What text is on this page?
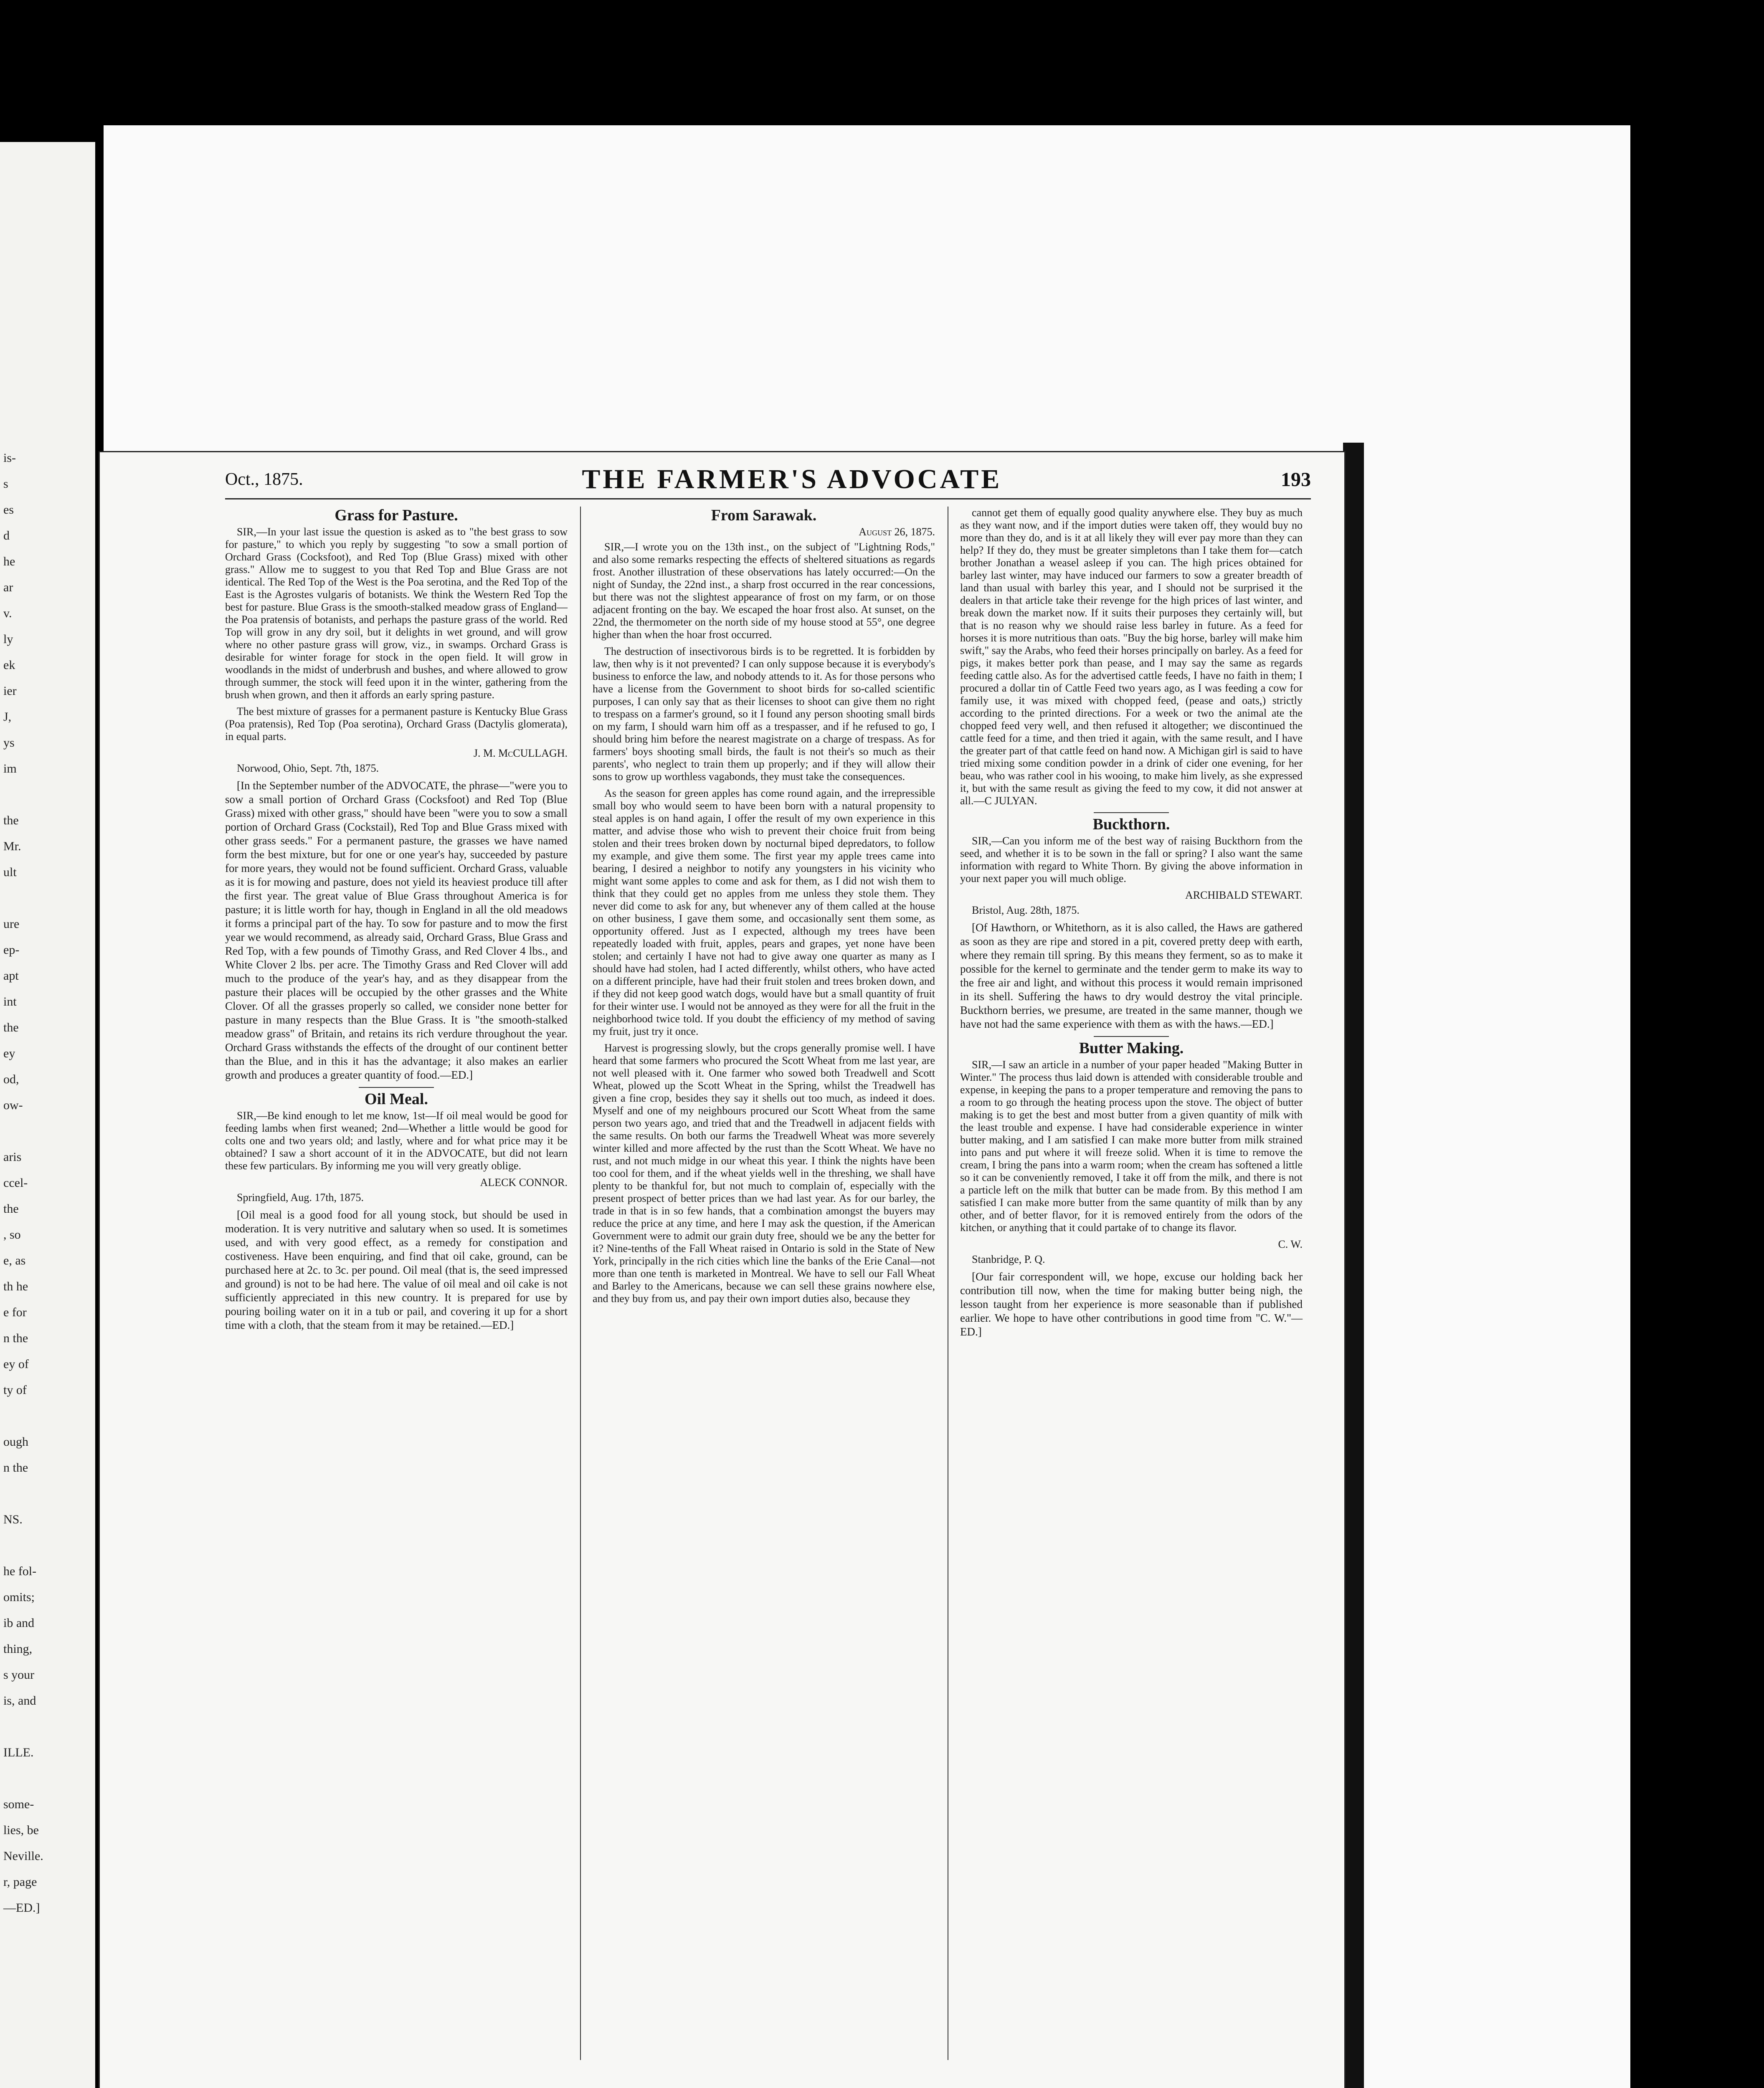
is-
s
es
d
he
ar
v.
ly
ek
ier
J,
ys
im
the
Mr.
ult
ure
ep-
apt
int
the
ey
od,
ow-
aris
ccel-
the
, so
e, as
th he
e for
n the
ey of
ty of
ough
n the
NS.
he fol-
omits;
ib and
thing,
s your
is, and
ILLE.
some-
lies, be
Neville.
r, page
—ED.]
Oct., 1875.	THE FARMER'S ADVOCATE	193
Grass for Pasture.

SIR,—In your last issue the question is asked as to "the best grass to sow for pasture," to which you reply by suggesting "to sow a small portion of Orchard Grass (Cocksfoot), and Red Top (Blue Grass) mixed with other grass." Allow me to suggest to you that Red Top and Blue Grass are not identical. The Red Top of the West is the Poa serotina, and the Red Top of the East is the Agrostes vulgaris of botanists. We think the Western Red Top the best for pasture. Blue Grass is the smooth-stalked meadow grass of England—the Poa pratensis of botanists, and perhaps the pasture grass of the world. Red Top will grow in any dry soil, but it delights in wet ground, and will grow where no other pasture grass will grow, viz., in swamps. Orchard Grass is desirable for winter forage for stock in the open field. It will grow in woodlands in the midst of underbrush and bushes, and where allowed to grow through summer, the stock will feed upon it in the winter, gathering from the brush when grown, and then it affords an early spring pasture.

The best mixture of grasses for a permanent pasture is Kentucky Blue Grass (Poa pratensis), Red Top (Poa serotina), Orchard Grass (Dactylis glomerata), in equal parts.

J. M. McCULLAGH.

Norwood, Ohio, Sept. 7th, 1875.

[In the September number of the ADVOCATE, the phrase—"were you to sow a small portion of Orchard Grass (Cocksfoot) and Red Top (Blue Grass) mixed with other grass," should have been "were you to sow a small portion of Orchard Grass (Cockstail), Red Top and Blue Grass mixed with other grass seeds." For a permanent pasture, the grasses we have named form the best mixture, but for one or one year's hay, succeeded by pasture for more years, they would not be found sufficient. Orchard Grass, valuable as it is for mowing and pasture, does not yield its heaviest produce till after the first year. The great value of Blue Grass throughout America is for pasture; it is little worth for hay, though in England in all the old meadows it forms a principal part of the hay. To sow for pasture and to mow the first year we would recommend, as already said, Orchard Grass, Blue Grass and Red Top, with a few pounds of Timothy Grass, and Red Clover 4 lbs., and White Clover 2 lbs. per acre. The Timothy Grass and Red Clover will add much to the produce of the year's hay, and as they disappear from the pasture their places will be occupied by the other grasses and the White Clover. Of all the grasses properly so called, we consider none better for pasture in many respects than the Blue Grass. It is "the smooth-stalked meadow grass" of Britain, and retains its rich verdure throughout the year. Orchard Grass withstands the effects of the drought of our continent better than the Blue, and in this it has the advantage; it also makes an earlier growth and produces a greater quantity of food.—ED.]

Oil Meal.

SIR,—Be kind enough to let me know, 1st—If oil meal would be good for feeding lambs when first weaned; 2nd—Whether a little would be good for colts one and two years old; and lastly, where and for what price may it be obtained? I saw a short account of it in the ADVOCATE, but did not learn these few particulars. By informing me you will very greatly oblige.

ALECK CONNOR.

Springfield, Aug. 17th, 1875.

[Oil meal is a good food for all young stock, but should be used in moderation. It is very nutritive and salutary when so used. It is sometimes used, and with very good effect, as a remedy for constipation and costiveness. Have been enquiring, and find that oil cake, ground, can be purchased here at 2c. to 3c. per pound. Oil meal (that is, the seed impressed and ground) is not to be had here. The value of oil meal and oil cake is not sufficiently appreciated in this new country. It is prepared for use by pouring boiling water on it in a tub or pail, and covering it up for a short time with a cloth, that the steam from it may be retained.—ED.]

From Sarawak.

August 26, 1875.

SIR,—I wrote you on the 13th inst., on the subject of "Lightning Rods," and also some remarks respecting the effects of sheltered situations as regards frost. Another illustration of these observations has lately occurred:—On the night of Sunday, the 22nd inst., a sharp frost occurred in the rear concessions, but there was not the slightest appearance of frost on my farm, or on those adjacent fronting on the bay. We escaped the hoar frost also. At sunset, on the 22nd, the thermometer on the north side of my house stood at 55°, one degree higher than when the hoar frost occurred.

The destruction of insectivorous birds is to be regretted. It is forbidden by law, then why is it not prevented? I can only suppose because it is everybody's business to enforce the law, and nobody attends to it. As for those persons who have a license from the Government to shoot birds for so-called scientific purposes, I can only say that as their licenses to shoot can give them no right to trespass on a farmer's ground, so it I found any person shooting small birds on my farm, I should warn him off as a trespasser, and if he refused to go, I should bring him before the nearest magistrate on a charge of trespass. As for farmers' boys shooting small birds, the fault is not their's so much as their parents', who neglect to train them up properly; and if they will allow their sons to grow up worthless vagabonds, they must take the consequences.

As the season for green apples has come round again, and the irrepressible small boy who would seem to have been born with a natural propensity to steal apples is on hand again, I offer the result of my own experience in this matter, and advise those who wish to prevent their choice fruit from being stolen and their trees broken down by nocturnal biped depredators, to follow my example, and give them some. The first year my apple trees came into bearing, I desired a neighbor to notify any youngsters in his vicinity who might want some apples to come and ask for them, as I did not wish them to think that they could get no apples from me unless they stole them. They never did come to ask for any, but whenever any of them called at the house on other business, I gave them some, and occasionally sent them some, as opportunity offered. Just as I expected, although my trees have been repeatedly loaded with fruit, apples, pears and grapes, yet none have been stolen; and certainly I have not had to give away one quarter as many as I should have had stolen, had I acted differently, whilst others, who have acted on a different principle, have had their fruit stolen and trees broken down, and if they did not keep good watch dogs, would have but a small quantity of fruit for their winter use. I would not be annoyed as they were for all the fruit in the neighborhood twice told. If you doubt the efficiency of my method of saving my fruit, just try it once.

Harvest is progressing slowly, but the crops generally promise well. I have heard that some farmers who procured the Scott Wheat from me last year, are not well pleased with it. One farmer who sowed both Treadwell and Scott Wheat, plowed up the Scott Wheat in the Spring, whilst the Treadwell has given a fine crop, besides they say it shells out too much, as indeed it does. Myself and one of my neighbours procured our Scott Wheat from the same person two years ago, and tried that and the Treadwell in adjacent fields with the same results. On both our farms the Treadwell Wheat was more severely winter killed and more affected by the rust than the Scott Wheat. We have no rust, and not much midge in our wheat this year. I think the nights have been too cool for them, and if the wheat yields well in the threshing, we shall have plenty to be thankful for, but not much to complain of, especially with the present prospect of better prices than we had last year. As for our barley, the trade in that is in so few hands, that a combination amongst the buyers may reduce the price at any time, and here I may ask the question, if the American Government were to admit our grain duty free, should we be any the better for it? Nine-tenths of the Fall Wheat raised in Ontario is sold in the State of New York, principally in the rich cities which line the banks of the Erie Canal—not more than one tenth is marketed in Montreal. We have to sell our Fall Wheat and Barley to the Americans, because we can sell these grains nowhere else, and they buy from us, and pay their own import duties also, because they

cannot get them of equally good quality anywhere else. They buy as much as they want now, and if the import duties were taken off, they would buy no more than they do, and is it at all likely they will ever pay more than they can help? If they do, they must be greater simpletons than I take them for—catch brother Jonathan a weasel asleep if you can. The high prices obtained for barley last winter, may have induced our farmers to sow a greater breadth of land than usual with barley this year, and I should not be surprised it the dealers in that article take their revenge for the high prices of last winter, and break down the market now. If it suits their purposes they certainly will, but that is no reason why we should raise less barley in future. As a feed for horses it is more nutritious than oats. "Buy the big horse, barley will make him swift," say the Arabs, who feed their horses principally on barley. As a feed for pigs, it makes better pork than pease, and I may say the same as regards feeding cattle also. As for the advertised cattle feeds, I have no faith in them; I procured a dollar tin of Cattle Feed two years ago, as I was feeding a cow for family use, it was mixed with chopped feed, (pease and oats,) strictly according to the printed directions. For a week or two the animal ate the chopped feed very well, and then refused it altogether; we discontinued the cattle feed for a time, and then tried it again, with the same result, and I have the greater part of that cattle feed on hand now. A Michigan girl is said to have tried mixing some condition powder in a drink of cider one evening, for her beau, who was rather cool in his wooing, to make him lively, as she expressed it, but with the same result as giving the feed to my cow, it did not answer at all.—C JULYAN.

Buckthorn.

SIR,—Can you inform me of the best way of raising Buckthorn from the seed, and whether it is to be sown in the fall or spring? I also want the same information with regard to White Thorn. By giving the above information in your next paper you will much oblige.

ARCHIBALD STEWART.

Bristol, Aug. 28th, 1875.

[Of Hawthorn, or Whitethorn, as it is also called, the Haws are gathered as soon as they are ripe and stored in a pit, covered pretty deep with earth, where they remain till spring. By this means they ferment, so as to make it possible for the kernel to germinate and the tender germ to make its way to the free air and light, and without this process it would remain imprisoned in its shell. Suffering the haws to dry would destroy the vital principle. Buckthorn berries, we presume, are treated in the same manner, though we have not had the same experience with them as with the haws.—ED.]

Butter Making.

SIR,—I saw an article in a number of your paper headed "Making Butter in Winter." The process thus laid down is attended with considerable trouble and expense, in keeping the pans to a proper temperature and removing the pans to a room to go through the heating process upon the stove. The object of butter making is to get the best and most butter from a given quantity of milk with the least trouble and expense. I have had considerable experience in winter butter making, and I am satisfied I can make more butter from milk strained into pans and put where it will freeze solid. When it is time to remove the cream, I bring the pans into a warm room; when the cream has softened a little so it can be conveniently removed, I take it off from the milk, and there is not a particle left on the milk that butter can be made from. By this method I am satisfied I can make more butter from the same quantity of milk than by any other, and of better flavor, for it is removed entirely from the odors of the kitchen, or anything that it could partake of to change its flavor.

C. W.

Stanbridge, P. Q.

[Our fair correspondent will, we hope, excuse our holding back her contribution till now, when the time for making butter being nigh, the lesson taught from her experience is more seasonable than if published earlier. We hope to have other contributions in good time from "C. W."—ED.]
